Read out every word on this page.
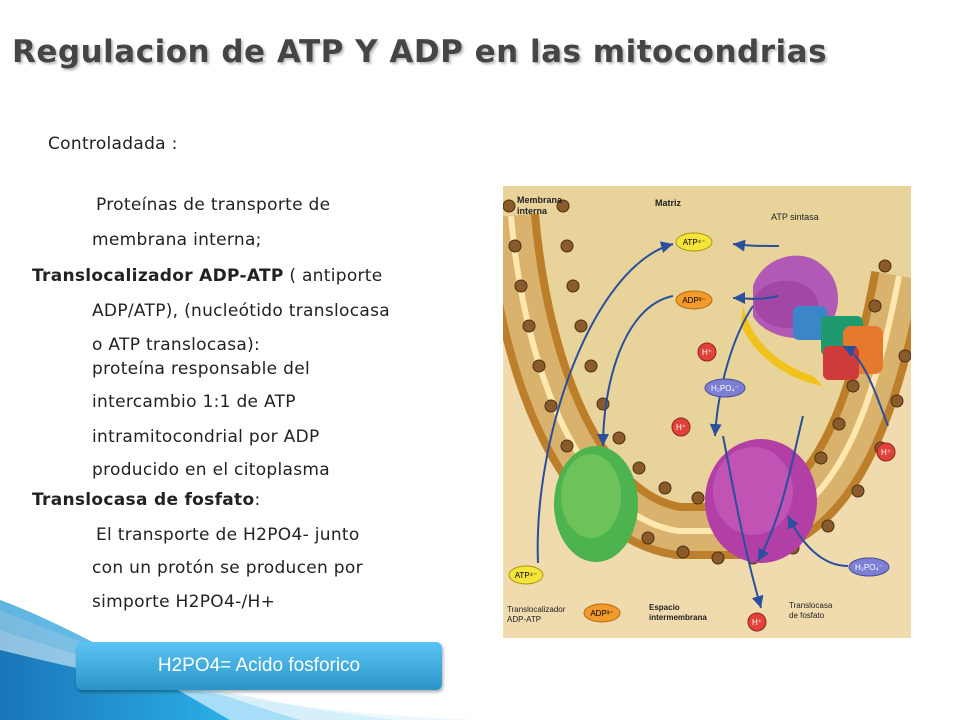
Regulacion de ATP Y ADP en las mitocondrias
Controladada :
Proteínas de transporte de
membrana interna;
Translocalizador ADP-ATP ( antiporte
ADP/ATP), (nucleótido translocasa
o ATP translocasa):
proteína responsable del
intercambio 1:1 de ATP
intramitocondrial por ADP
producido en el citoplasma
Translocasa de fosfato:
El transporte de H2PO4- junto
con un protón se producen por
simporte H2PO4-/H+
H2PO4= Acido fosforico
Membrana
interna
Matriz
ATP sintasa
ATP⁴⁻
ADP³⁻
H⁺
H₂PO₄⁻
H⁺
H⁺
ATP⁴⁻
H₂PO₄⁻
ADP³⁻
H⁺
Translocalizador
ADP-ATP
Espacio
intermembrana
Translocasa
de fosfato
